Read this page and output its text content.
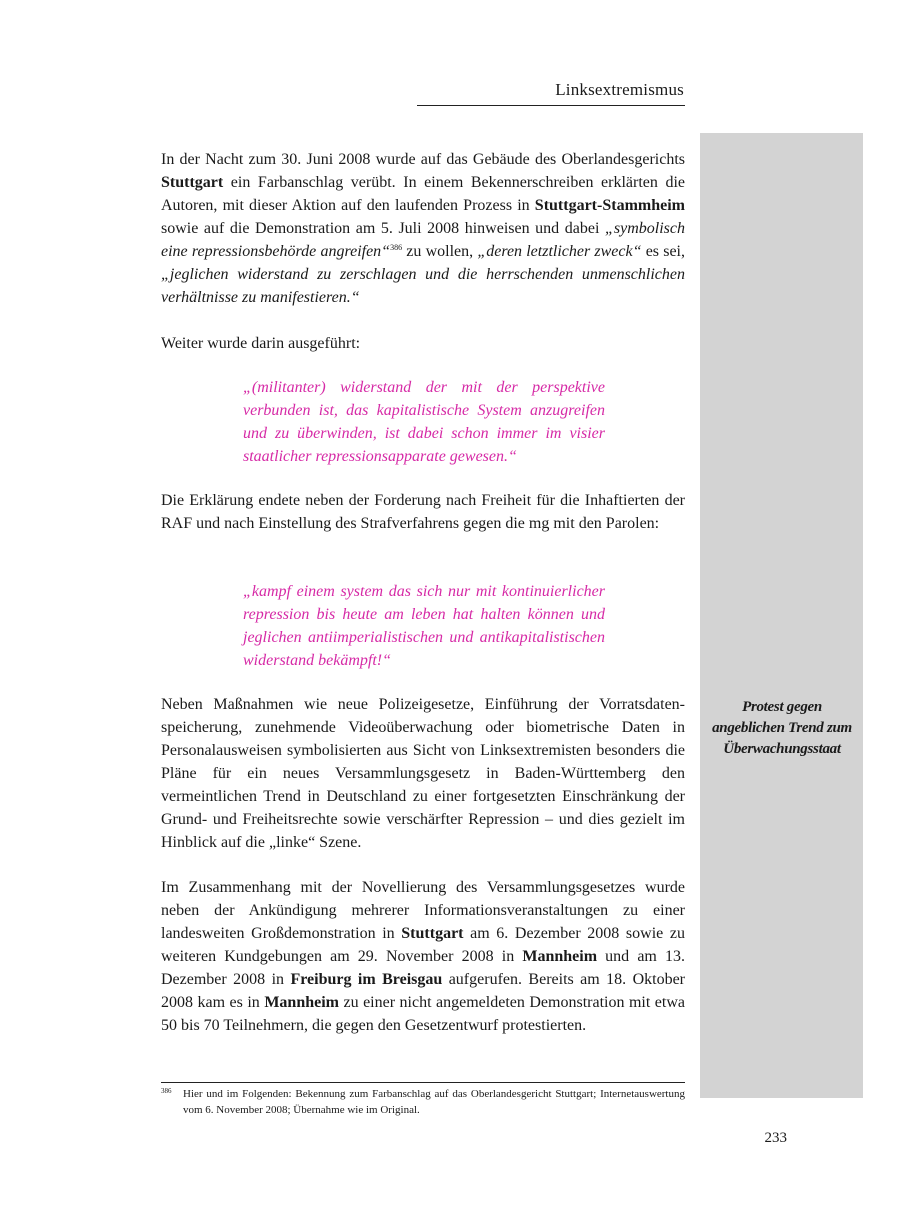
Linksextremismus
In der Nacht zum 30. Juni 2008 wurde auf das Gebäude des Oberlandesgerichts Stuttgart ein Farbanschlag verübt. In einem Bekennerschreiben erklärten die Autoren, mit dieser Aktion auf den laufenden Prozess in Stuttgart-Stammheim sowie auf die Demonstration am 5. Juli 2008 hinweisen und dabei „symbolisch eine repressionsbehörde angreifen“$^{386}$ zu wollen, „deren letztlicher zweck“ es sei, „jeglichen widerstand zu zerschlagen und die herrschenden unmenschlichen verhältnisse zu manifestieren.“
Weiter wurde darin ausgeführt:
„(militanter) widerstand der mit der perspektive verbunden ist, das kapitalistische System anzugreifen und zu überwinden, ist dabei schon immer im visier staatlicher repressionsapparate gewesen.“
Die Erklärung endete neben der Forderung nach Freiheit für die Inhaftierten der RAF und nach Einstellung des Strafverfahrens gegen die mg mit den Parolen:
„kampf einem system das sich nur mit kontinuierlicher repression bis heute am leben hat halten können und jeglichen antiimperialistischen und antikapitalistischen widerstand bekämpft!“
Neben Maßnahmen wie neue Polizeigesetze, Einführung der Vorratsdatenspeicherung, zunehmende Videoüberwachung oder biometrische Daten in Personalausweisen symbolisierten aus Sicht von Linksextremisten besonders die Pläne für ein neues Versammlungsgesetz in Baden-Württemberg den vermeintlichen Trend in Deutschland zu einer fortgesetzten Einschränkung der Grund- und Freiheitsrechte sowie verschärfter Repression – und dies gezielt im Hinblick auf die „linke“ Szene.
Im Zusammenhang mit der Novellierung des Versammlungsgesetzes wurde neben der Ankündigung mehrerer Informationsveranstaltungen zu einer landesweiten Großdemonstration in Stuttgart am 6. Dezember 2008 sowie zu weiteren Kundgebungen am 29. November 2008 in Mannheim und am 13. Dezember 2008 in Freiburg im Breisgau aufgerufen. Bereits am 18. Oktober 2008 kam es in Mannheim zu einer nicht angemeldeten Demonstration mit etwa 50 bis 70 Teilnehmern, die gegen den Gesetzentwurf protestierten.
Protest gegen angeblichen Trend zum Überwachungsstaat
386	Hier und im Folgenden: Bekennung zum Farbanschlag auf das Oberlandesgericht Stuttgart; Internetauswertung vom 6. November 2008; Übernahme wie im Original.
233
